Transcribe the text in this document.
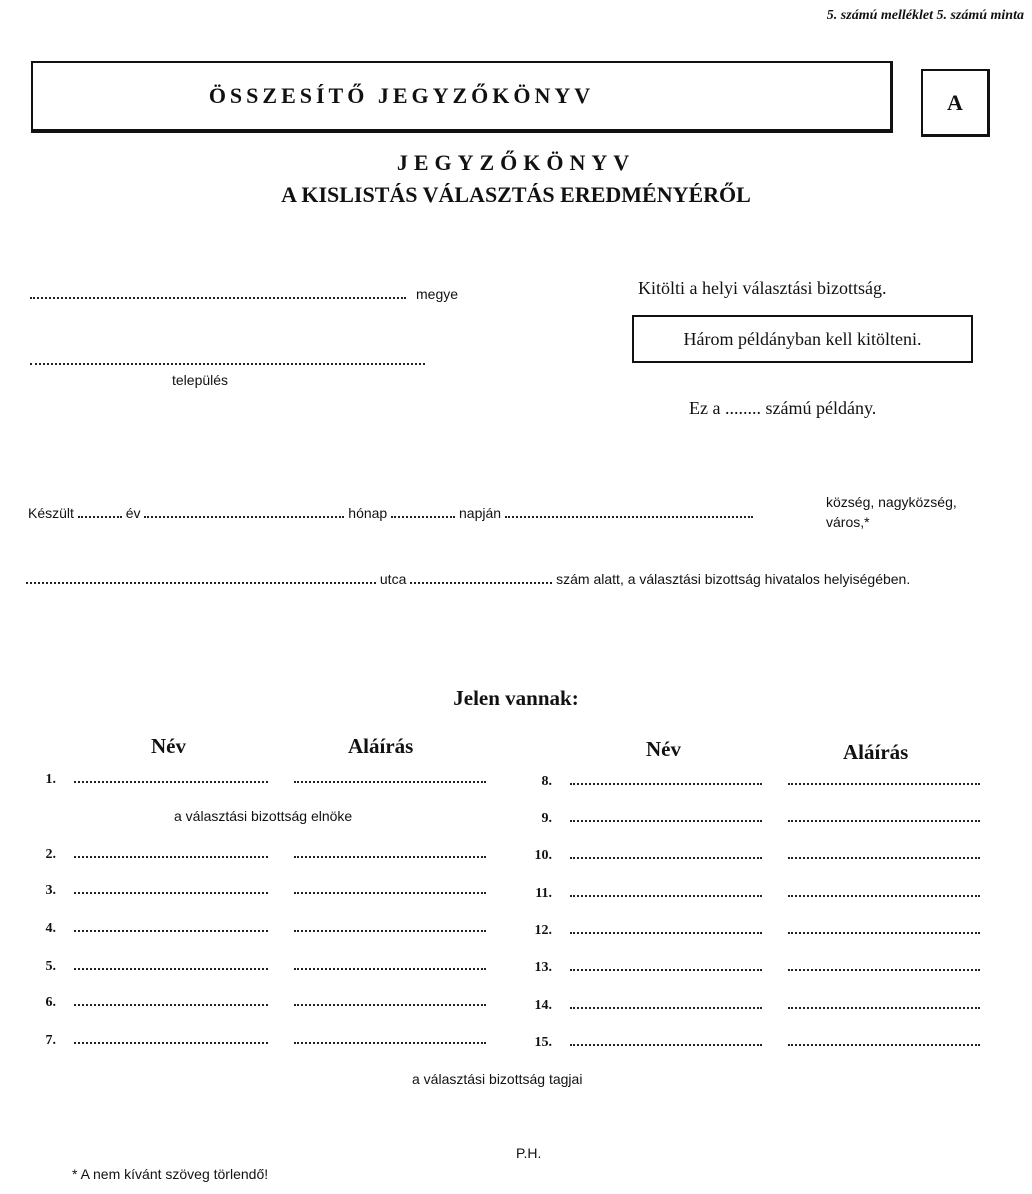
5. számú melléklet 5. számú minta
ÖSSZESÍTŐ JEGYZŐKÖNYV	A
JEGYZŐKÖNYV
A KISLISTÁS VÁLASZTÁS EREDMÉNYÉRŐL
megye
település
Kitölti a helyi választási bizottság.
Három példányban kell kitölteni.
Ez a ........ számú példány.
Készült	év	hónap	napján
község, nagyközség,
város,*
utca	szám alatt, a választási bizottság hivatalos helyiségében.
Jelen vannak:
Név	Aláírás	Név	Aláírás
1.
a választási bizottság elnöke
2.
3.
4.
5.
6.
7.
8.
9.
10.
11.
12.
13.
14.
15.
a választási bizottság tagjai
P.H.
* A nem kívánt szöveg törlendő!
